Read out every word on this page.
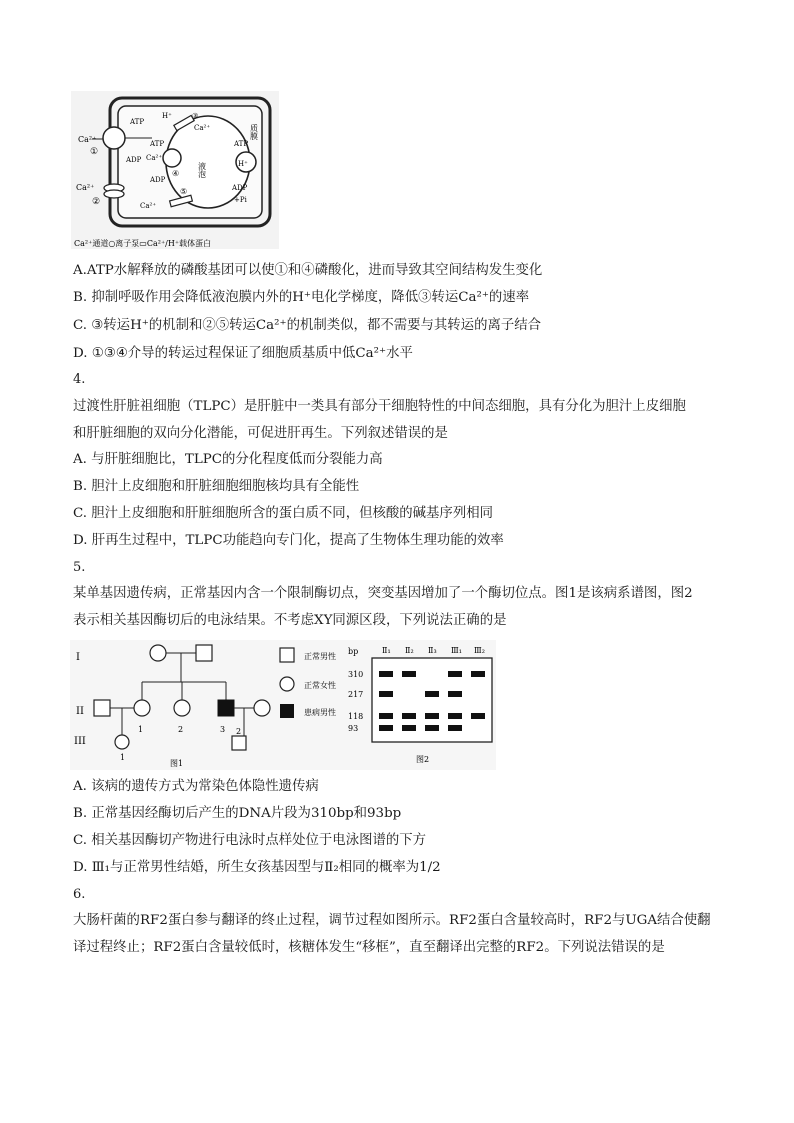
质膜
液泡
Ca²⁺
ATP
ADP
①
Ca²⁺
②
ATP
Ca²⁺
ADP
④
H⁺	③
Ca²⁺
Ca²⁺
⑤
ATP
H⁺
ADP
+Pi
Ca²⁺通道○离子泵▭Ca²⁺/H⁺载体蛋白
A.ATP水解释放的磷酸基团可以使①和④磷酸化，进而导致其空间结构发生变化
B. 抑制呼吸作用会降低液泡膜内外的H⁺电化学梯度，降低③转运Ca²⁺的速率
C. ③转运H⁺的机制和②⑤转运Ca²⁺的机制类似，都不需要与其转运的离子结合
D. ①③④介导的转运过程保证了细胞质基质中低Ca²⁺水平
4.
过渡性肝脏祖细胞（TLPC）是肝脏中一类具有部分干细胞特性的中间态细胞，具有分化为胆汁上皮细胞
和肝脏细胞的双向分化潜能，可促进肝再生。下列叙述错误的是
A. 与肝脏细胞比，TLPC的分化程度低而分裂能力高
B. 胆汁上皮细胞和肝脏细胞细胞核均具有全能性
C. 胆汁上皮细胞和肝脏细胞所含的蛋白质不同，但核酸的碱基序列相同
D. 肝再生过程中，TLPC功能趋向专门化，提高了生物体生理功能的效率
5.
某单基因遗传病，正常基因内含一个限制酶切点，突变基因增加了一个酶切位点。图1是该病系谱图，图2
表示相关基因酶切后的电泳结果。不考虑XY同源区段，下列说法正确的是
I
II
III
1	2	3
1
2
图1
正常男性
正常女性
患病男性
bp	Ⅱ₁ Ⅱ₂ Ⅱ₃ Ⅲ₁ Ⅲ₂
310
217
118
93
图2
A. 该病的遗传方式为常染色体隐性遗传病
B. 正常基因经酶切后产生的DNA片段为310bp和93bp
C. 相关基因酶切产物进行电泳时点样处位于电泳图谱的下方
D. Ⅲ₁与正常男性结婚，所生女孩基因型与Ⅱ₂相同的概率为1/2
6.
大肠杆菌的RF2蛋白参与翻译的终止过程，调节过程如图所示。RF2蛋白含量较高时，RF2与UGA结合使翻
译过程终止；RF2蛋白含量较低时，核糖体发生“移框”，直至翻译出完整的RF2。下列说法错误的是
